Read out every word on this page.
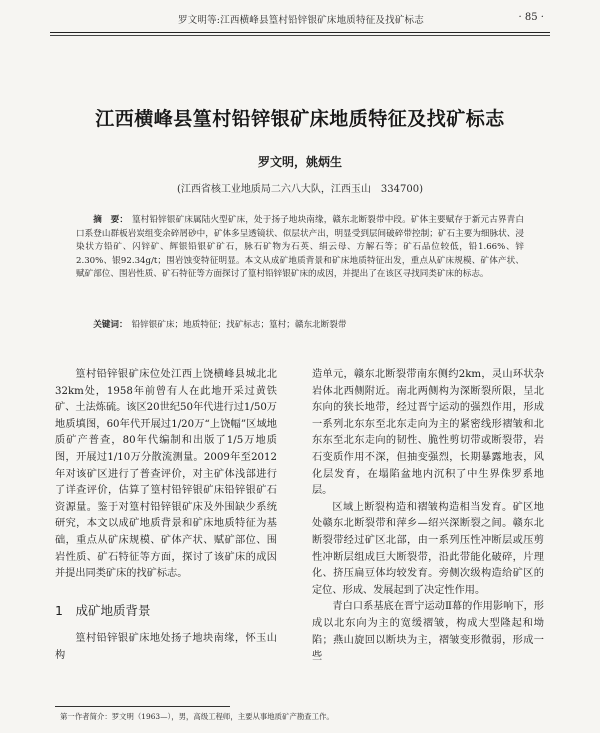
罗文明等:江西横峰县篁村铅锌银矿床地质特征及找矿标志	· 85 ·
江西横峰县篁村铅锌银矿床地质特征及找矿标志
罗文明，姚炳生
(江西省核工业地质局二六八大队，江西玉山　334700)
摘　要： 篁村铅锌银矿床属陆火型矿床，处于扬子地块南缘，赣东北断裂带中段。矿体主要赋存于新元古界青白口系登山群板岩炭组变余碎屑砂中，矿体多呈透镜状、似层状产出，明显受到层间破碎带控制；矿石主要为细脉状、浸染状方铅矿、闪锌矿、辉银铅银矿矿石，脉石矿物为石英、绢云母、方解石等；矿石品位较低，铅1.66%、锌2.30%、银92.34g/t；围岩蚀变特征明显。本文从成矿地质背景和矿床地质特征出发，重点从矿床规模、矿体产状、赋矿部位、围岩性质、矿石特征等方面探讨了篁村铅锌银矿床的成因，并提出了在该区寻找同类矿床的标志。
关键词： 铅锌银矿床；地质特征；找矿标志；篁村；赣东北断裂带

篁村铅锌银矿床位处江西上饶横峰县城北北32km处，1958年前曾有人在此地开采过黄铁矿、土法炼硫。该区20世纪50年代进行过1/50万地质填图，60年代开展过1/20万“上饶幅”区域地质矿产普查，80年代编制和出版了1/5万地质图，开展过1/10万分散流测量。2009年至2012年对该矿区进行了普查评价，对主矿体浅部进行了详查评价，估算了篁村铅锌银矿床铅锌银矿石资源量。鉴于对篁村铅锌银矿床及外围缺少系统研究，本文以成矿地质背景和矿床地质特征为基础，重点从矿床规模、矿体产状、赋矿部位、围岩性质、矿石特征等方面，探讨了该矿床的成因并提出同类矿床的找矿标志。

1　成矿地质背景

篁村铅锌银矿床地处扬子地块南缘，怀玉山构

造单元，赣东北断裂带南东侧约2km，灵山环状杂岩体北西侧附近。南北两侧构为深断裂所限，呈北东向的狭长地带，经过晋宁运动的强烈作用，形成一系列北东东至北东走向为主的紧密线形褶皱和北东东至北东走向的韧性、脆性剪切带或断裂带，岩石变质作用不深，但抽变强烈，长期暴露地表，风化层发育，在塌陷盆地内沉积了中生界侏罗系地层。

区域上断裂构造和褶皱构造相当发育。矿区地处赣东北断裂带和萍乡—绍兴深断裂之间。赣东北断裂带经过矿区北部，由一系列压性冲断层或压剪性冲断层组成巨大断裂带，沿此带能化破碎，片理化、挤压扁豆体均较发育。旁侧次级构造给矿区的定位、形成、发展起到了决定性作用。

青白口系基底在晋宁运动Ⅱ幕的作用影响下，形成以北东向为主的宽缓褶皱，构成大型隆起和坳陷；燕山旋回以断块为主，褶皱变形微弱，形成一些

第一作者简介：罗文明（1963—），男，高级工程师，主要从事地质矿产勘查工作。
